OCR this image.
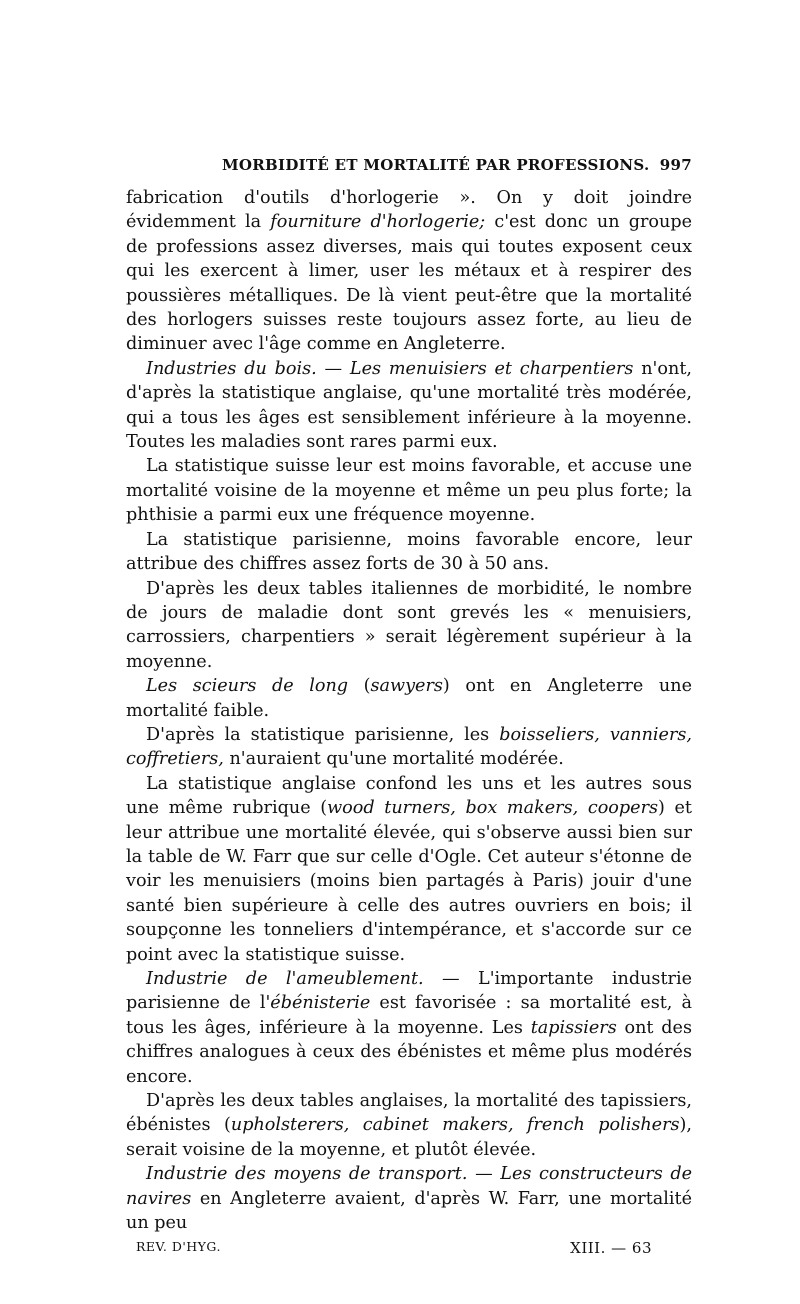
MORBIDITÉ ET MORTALITÉ PAR PROFESSIONS. 997

fabrication d'outils d'horlogerie ». On y doit joindre évidemment la fourniture d'horlogerie; c'est donc un groupe de professions assez diverses, mais qui toutes exposent ceux qui les exercent à limer, user les métaux et à respirer des poussières métalliques. De là vient peut-être que la mortalité des horlogers suisses reste toujours assez forte, au lieu de diminuer avec l'âge comme en Angleterre.

Industries du bois. — Les menuisiers et charpentiers n'ont, d'après la statistique anglaise, qu'une mortalité très modérée, qui a tous les âges est sensiblement inférieure à la moyenne. Toutes les maladies sont rares parmi eux.

La statistique suisse leur est moins favorable, et accuse une mortalité voisine de la moyenne et même un peu plus forte; la phthisie a parmi eux une fréquence moyenne.

La statistique parisienne, moins favorable encore, leur attribue des chiffres assez forts de 30 à 50 ans.

D'après les deux tables italiennes de morbidité, le nombre de jours de maladie dont sont grevés les « menuisiers, carrossiers, charpentiers » serait légèrement supérieur à la moyenne.

Les scieurs de long (sawyers) ont en Angleterre une mortalité faible.

D'après la statistique parisienne, les boisseliers, vanniers, coffretiers, n'auraient qu'une mortalité modérée.

La statistique anglaise confond les uns et les autres sous une même rubrique (wood turners, box makers, coopers) et leur attribue une mortalité élevée, qui s'observe aussi bien sur la table de W. Farr que sur celle d'Ogle. Cet auteur s'étonne de voir les menuisiers (moins bien partagés à Paris) jouir d'une santé bien supérieure à celle des autres ouvriers en bois; il soupçonne les tonneliers d'intempérance, et s'accorde sur ce point avec la statistique suisse.

Industrie de l'ameublement. — L'importante industrie parisienne de l'ébénisterie est favorisée : sa mortalité est, à tous les âges, inférieure à la moyenne. Les tapissiers ont des chiffres analogues à ceux des ébénistes et même plus modérés encore.

D'après les deux tables anglaises, la mortalité des tapissiers, ébénistes (upholsterers, cabinet makers, french polishers), serait voisine de la moyenne, et plutôt élevée.

Industrie des moyens de transport. — Les constructeurs de navires en Angleterre avaient, d'après W. Farr, une mortalité un peu

REV. D'HYG.	XIII. — 63
